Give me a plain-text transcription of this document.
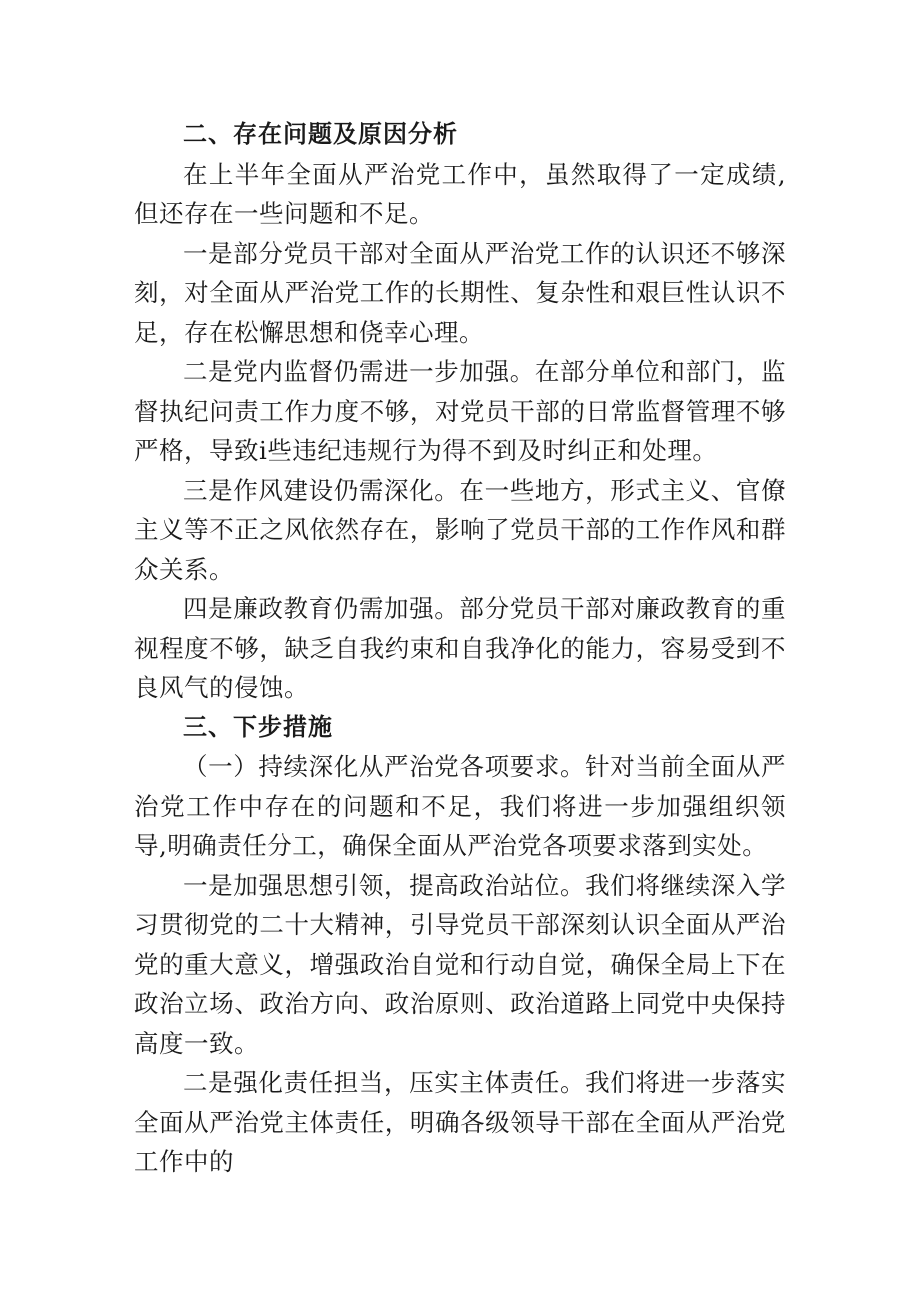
二、存在问题及原因分析

在上半年全面从严治党工作中，虽然取得了一定成绩,但还存在一些问题和不足。

一是部分党员干部对全面从严治党工作的认识还不够深刻，对全面从严治党工作的长期性、复杂性和艰巨性认识不足，存在松懈思想和侥幸心理。

二是党内监督仍需进一步加强。在部分单位和部门，监督执纪问责工作力度不够，对党员干部的日常监督管理不够严格，导致i些违纪违规行为得不到及时纠正和处理。

三是作风建设仍需深化。在一些地方，形式主义、官僚主义等不正之风依然存在，影响了党员干部的工作作风和群众关系。

四是廉政教育仍需加强。部分党员干部对廉政教育的重视程度不够，缺乏自我约束和自我净化的能力，容易受到不良风气的侵蚀。

三、下步措施

（一）持续深化从严治党各项要求。针对当前全面从严治党工作中存在的问题和不足，我们将进一步加强组织领导,明确责任分工，确保全面从严治党各项要求落到实处。

一是加强思想引领，提高政治站位。我们将继续深入学习贯彻党的二十大精神，引导党员干部深刻认识全面从严治党的重大意义，增强政治自觉和行动自觉，确保全局上下在政治立场、政治方向、政治原则、政治道路上同党中央保持高度一致。

二是强化责任担当，压实主体责任。我们将进一步落实全面从严治党主体责任，明确各级领导干部在全面从严治党工作中的
